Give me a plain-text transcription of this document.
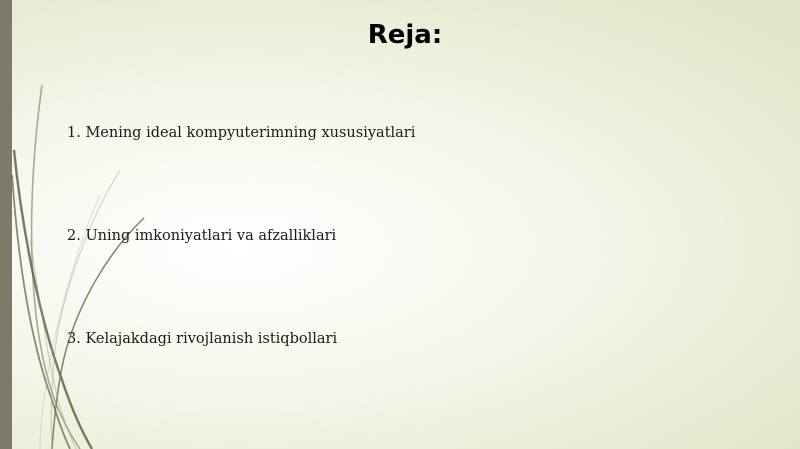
Reja:
1. Mening ideal kompyuterimning xususiyatlari
2. Uning imkoniyatlari va afzalliklari
3. Kelajakdagi rivojlanish istiqbollari
